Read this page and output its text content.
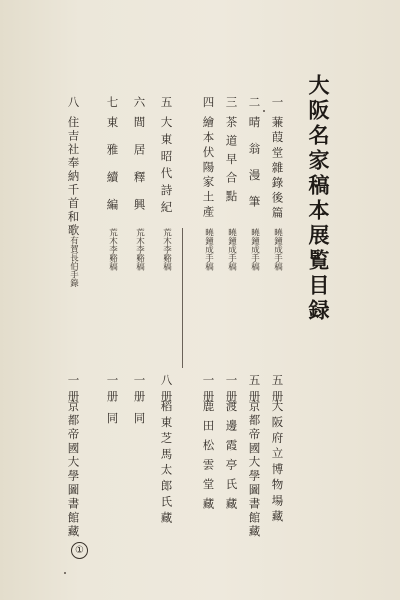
大阪名家稿本展覧目録
一
蒹葭堂雜錄後篇
曉鐘成手稿
五册
大阪府立博物場藏
二
晴翁漫筆
曉鐘成手稿
五册
京都帝國大學圖書館藏
三
茶道早合點
曉鐘成手稿
一册
渡邊霞亭氏藏
四
繪本伏陽家土產
曉鐘成手稿
一册
鹿田松雲堂藏
五
大東昭代詩紀
荒木李谿稿
八册
稻東芝馬太郎氏藏
六
間居釋興
荒木李谿稿
一册
同
七
東雅續編
荒木李谿稿
一册
同
八
住吉社奉納千首和歌
有賀長伯手錄
一册
京都帝國大學圖書館藏
①
